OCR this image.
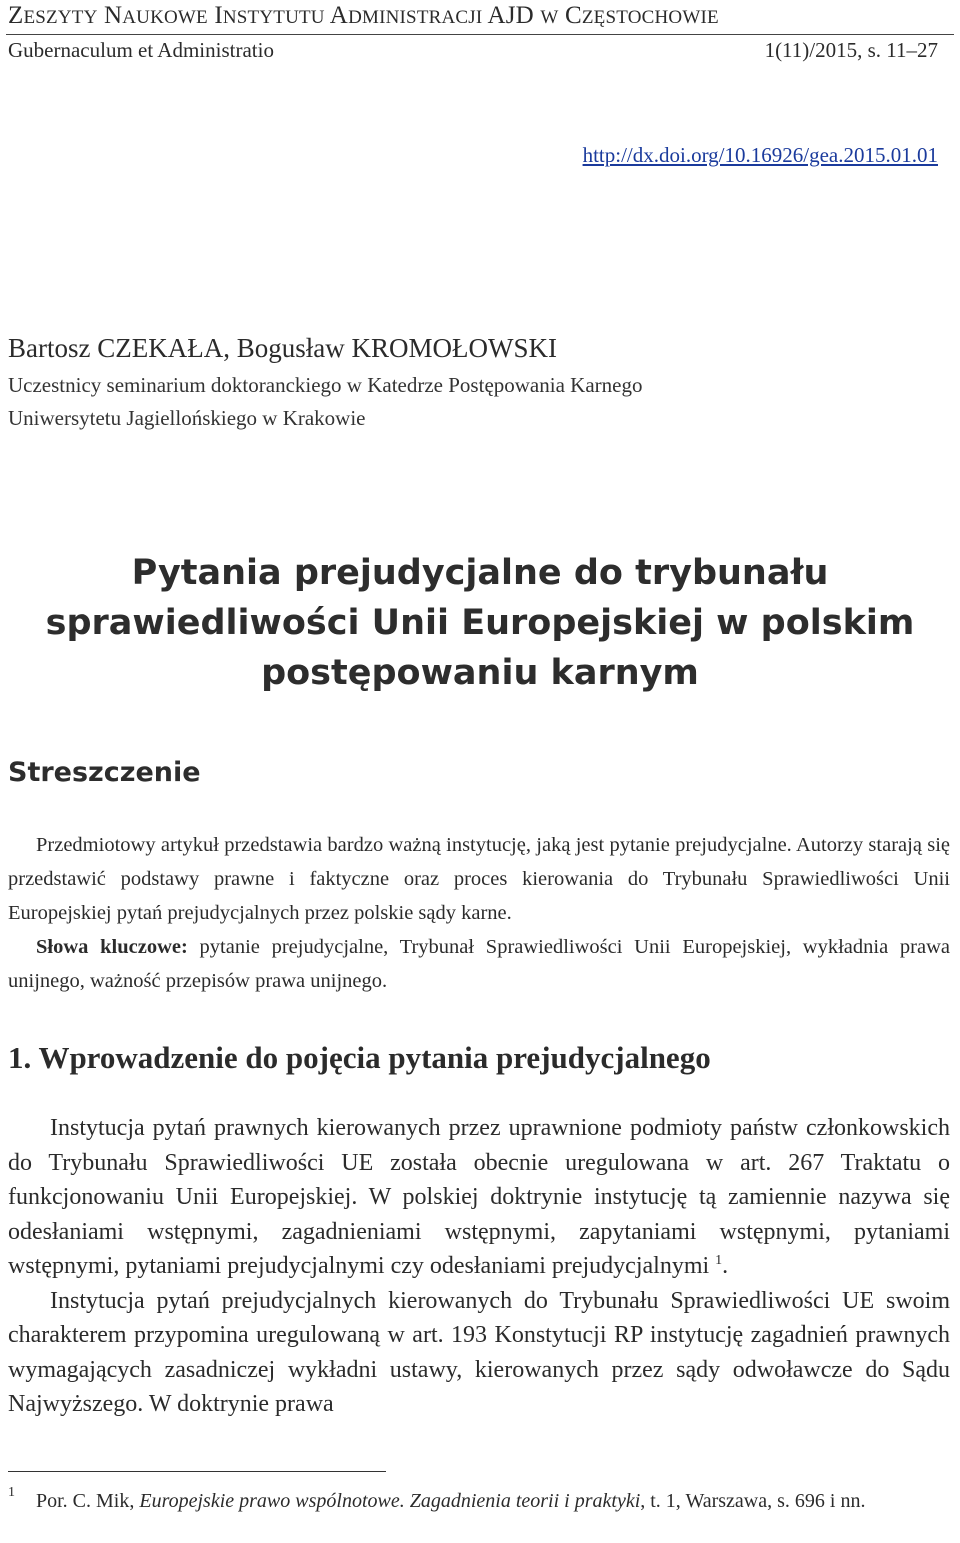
ZESZYTY NAUKOWE INSTYTUTU ADMINISTRACJI AJD W CZĘSTOCHOWIE
Gubernaculum et Administratio	1(11)/2015, s. 11–27
http://dx.doi.org/10.16926/gea.2015.01.01
Bartosz CZEKAŁA, Bogusław KROMOŁOWSKI
Uczestnicy seminarium doktoranckiego w Katedrze Postępowania Karnego
Uniwersytetu Jagiellońskiego w Krakowie
Pytania prejudycjalne do trybunału
sprawiedliwości Unii Europejskiej w polskim
postępowaniu karnym
Streszczenie
Przedmiotowy artykuł przedstawia bardzo ważną instytucję, jaką jest pytanie prejudycjalne. Autorzy starają się przedstawić podstawy prawne i faktyczne oraz proces kierowania do Trybunału Sprawiedliwości Unii Europejskiej pytań prejudycjalnych przez polskie sądy karne.
Słowa kluczowe: pytanie prejudycjalne, Trybunał Sprawiedliwości Unii Europejskiej, wykładnia prawa unijnego, ważność przepisów prawa unijnego.
1. Wprowadzenie do pojęcia pytania prejudycjalnego

Instytucja pytań prawnych kierowanych przez uprawnione podmioty państw członkowskich do Trybunału Sprawiedliwości UE została obecnie uregulowana w art. 267 Traktatu o funkcjonowaniu Unii Europejskiej. W polskiej doktrynie instytucję tą zamiennie nazywa się odesłaniami wstępnymi, zagadnieniami wstępnymi, zapytaniami wstępnymi, pytaniami wstępnymi, pytaniami prejudycjalnymi czy odesłaniami prejudycjalnymi $^1$.

Instytucja pytań prejudycjalnych kierowanych do Trybunału Sprawiedliwości UE swoim charakterem przypomina uregulowaną w art. 193 Konstytucji RP instytucję zagadnień prawnych wymagających zasadniczej wykładni ustawy, kierowanych przez sądy odwoławcze do Sądu Najwyższego. W doktrynie prawa

1	Por. C. Mik, Europejskie prawo wspólnotowe. Zagadnienia teorii i praktyki, t. 1, Warszawa, s. 696 i nn.
